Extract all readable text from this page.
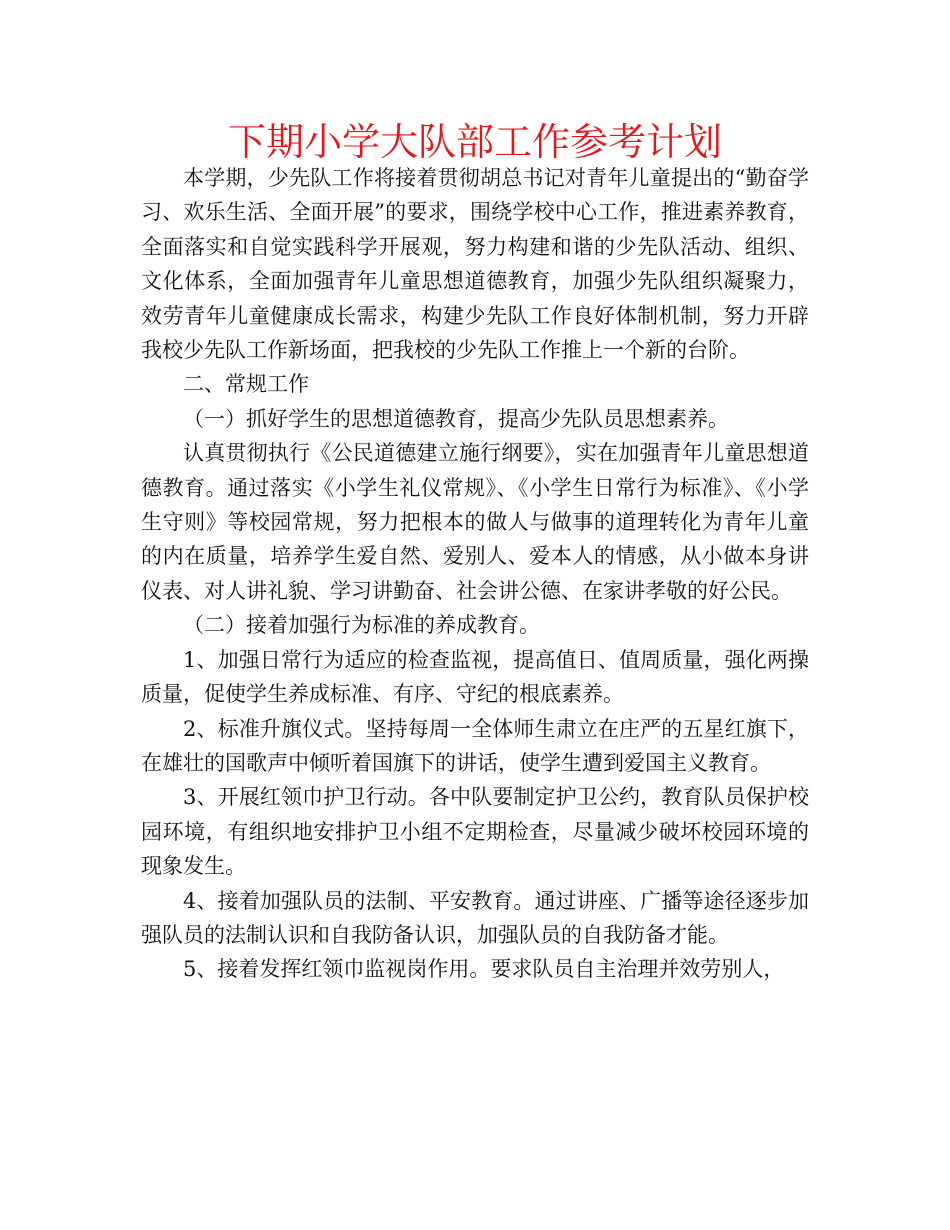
下期小学大队部工作参考计划

本学期，少先队工作将接着贯彻胡总书记对青年儿童提出的“勤奋学习、欢乐生活、全面开展”的要求，围绕学校中心工作，推进素养教育，全面落实和自觉实践科学开展观，努力构建和谐的少先队活动、组织、文化体系，全面加强青年儿童思想道德教育，加强少先队组织凝聚力，效劳青年儿童健康成长需求，构建少先队工作良好体制机制，努力开辟我校少先队工作新场面，把我校的少先队工作推上一个新的台阶。

二、常规工作

（一）抓好学生的思想道德教育，提高少先队员思想素养。

认真贯彻执行《公民道德建立施行纲要》，实在加强青年儿童思想道德教育。通过落实《小学生礼仪常规》、《小学生日常行为标准》、《小学生守则》等校园常规，努力把根本的做人与做事的道理转化为青年儿童的内在质量，培养学生爱自然、爱别人、爱本人的情感，从小做本身讲仪表、对人讲礼貌、学习讲勤奋、社会讲公德、在家讲孝敬的好公民。

（二）接着加强行为标准的养成教育。

1、加强日常行为适应的检查监视，提高值日、值周质量，强化两操质量，促使学生养成标准、有序、守纪的根底素养。

2、标准升旗仪式。坚持每周一全体师生肃立在庄严的五星红旗下，在雄壮的国歌声中倾听着国旗下的讲话，使学生遭到爱国主义教育。

3、开展红领巾护卫行动。各中队要制定护卫公约，教育队员保护校园环境，有组织地安排护卫小组不定期检查，尽量减少破坏校园环境的现象发生。

4、接着加强队员的法制、平安教育。通过讲座、广播等途径逐步加强队员的法制认识和自我防备认识，加强队员的自我防备才能。

5、接着发挥红领巾监视岗作用。要求队员自主治理并效劳别人，
